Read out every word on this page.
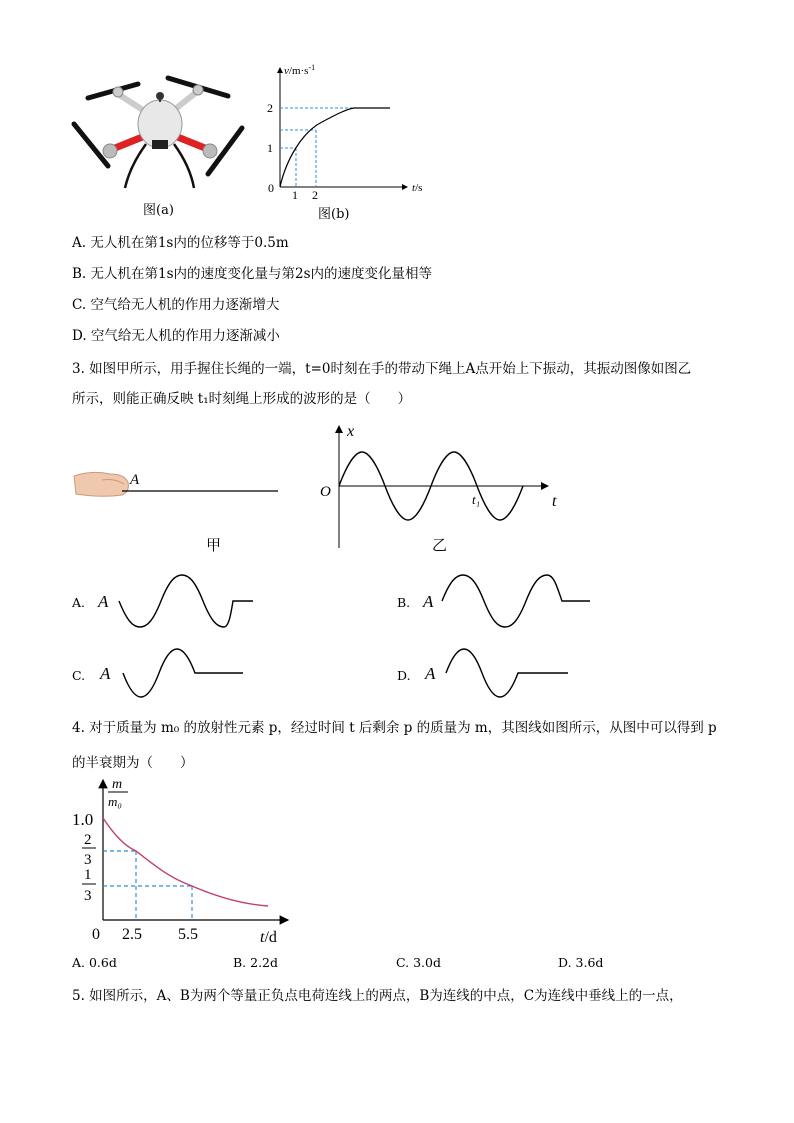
图(a)
$v/m\cdot s^{-1}$
2
1
0 1 2	t/s
图(b)
A. 无人机在第1s内的位移等于0.5m
B. 无人机在第1s内的速度变化量与第2s内的速度变化量相等
C. 空气给无人机的作用力逐渐增大
D. 空气给无人机的作用力逐渐减小
3. 如图甲所示，用手握住长绳的一端，t=0时刻在手的带动下绳上A点开始上下振动，其振动图像如图乙
所示，则能正确反映 t₁时刻绳上形成的波形的是（　　）
A
甲
x
t
O	t₁
乙
A. A	B. A
C. A	D. A
4. 对于质量为 m₀ 的放射性元素 p，经过时间 t 后剩余 p 的质量为 m，其图线如图所示，从图中可以得到 p
的半衰期为（　　）
m
m₀
1.0
2
3
1
3
0 2.5 5.5	t/d
A. 0.6d	B. 2.2d	C. 3.0d	D. 3.6d
5. 如图所示，A、B为两个等量正负点电荷连线上的两点，B为连线的中点，C为连线中垂线上的一点，
